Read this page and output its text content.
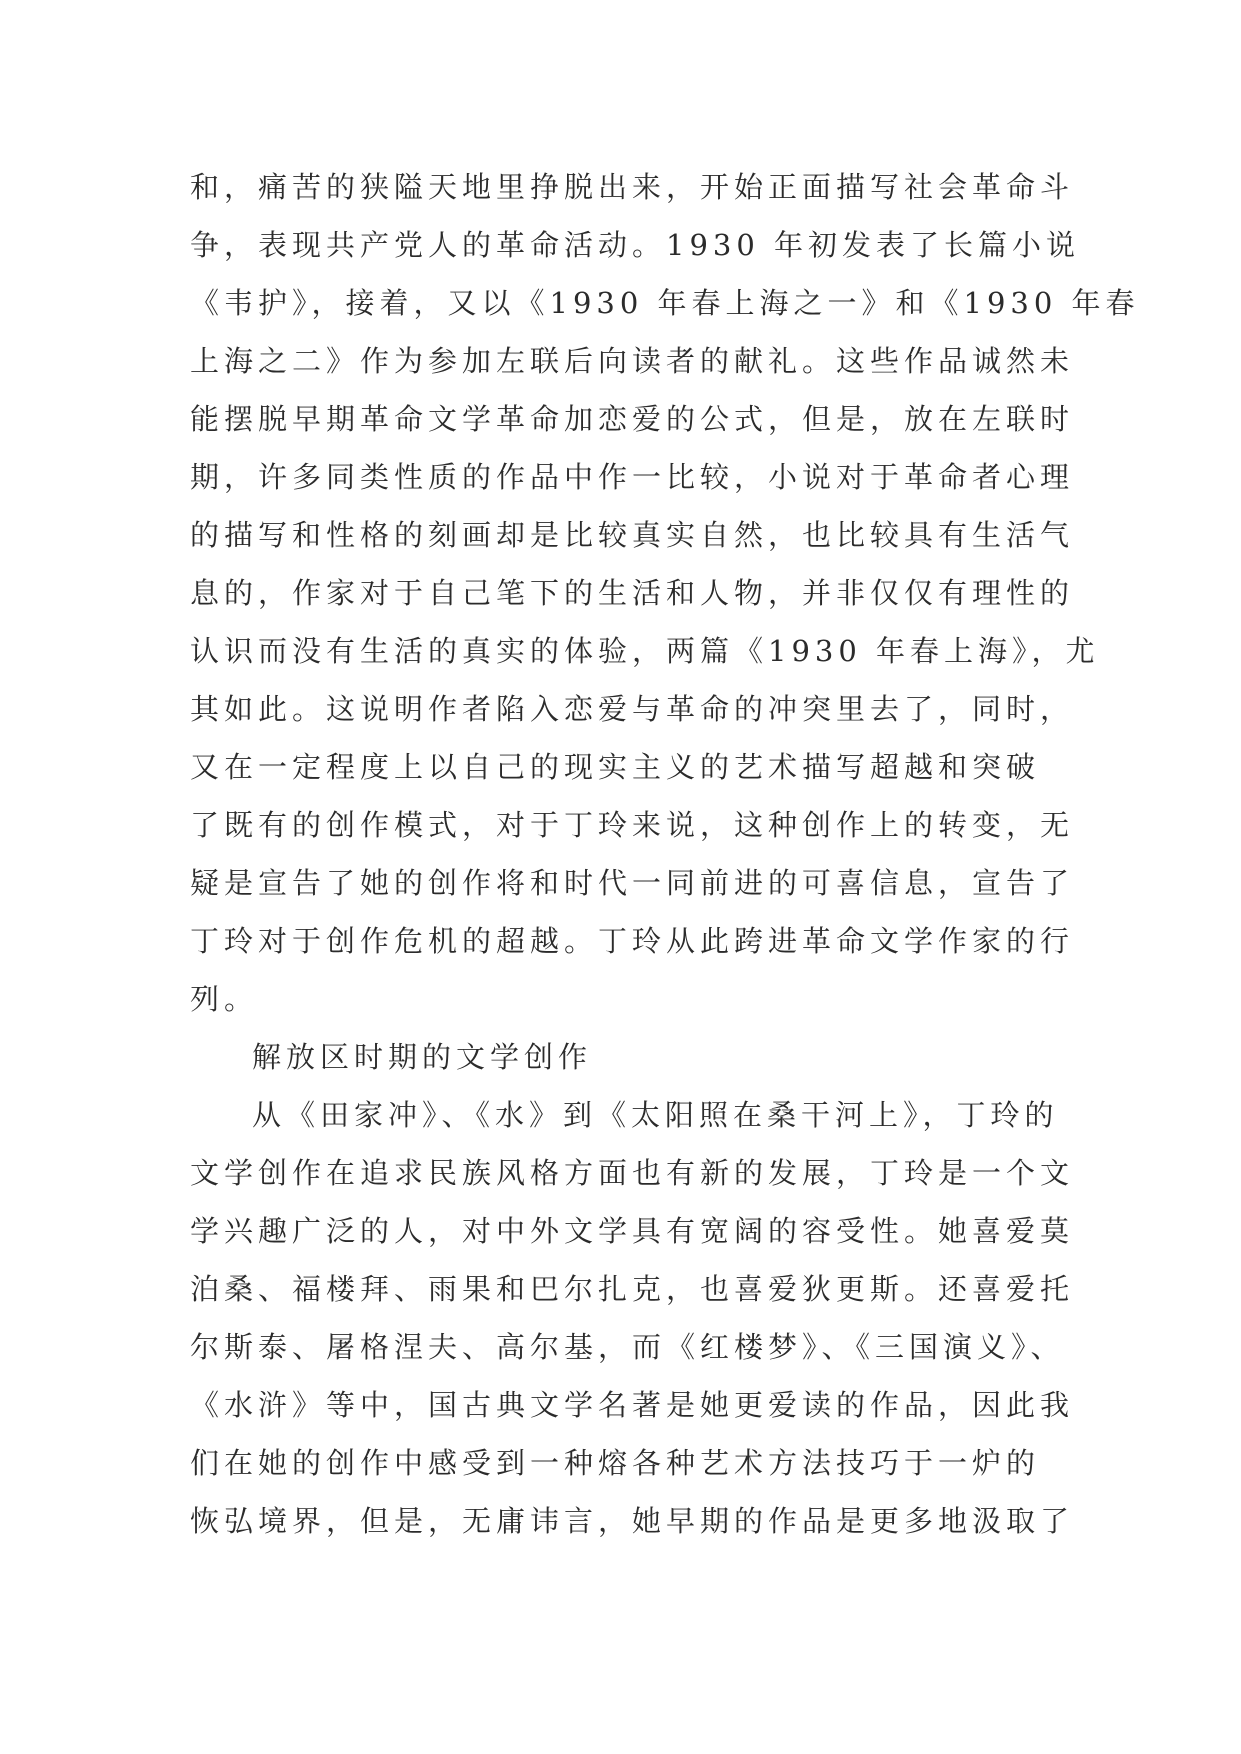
和，痛苦的狭隘天地里挣脱出来，开始正面描写社会革命斗
争，表现共产党人的革命活动。1930 年初发表了长篇小说
《韦护》，接着，又以《1930 年春上海之一》和《1930 年春
上海之二》作为参加左联后向读者的献礼。这些作品诚然未
能摆脱早期革命文学革命加恋爱的公式，但是，放在左联时
期，许多同类性质的作品中作一比较，小说对于革命者心理
的描写和性格的刻画却是比较真实自然，也比较具有生活气
息的，作家对于自己笔下的生活和人物，并非仅仅有理性的
认识而没有生活的真实的体验，两篇《1930 年春上海》，尤
其如此。这说明作者陷入恋爱与革命的冲突里去了，同时，
又在一定程度上以自己的现实主义的艺术描写超越和突破
了既有的创作模式，对于丁玲来说，这种创作上的转变，无
疑是宣告了她的创作将和时代一同前进的可喜信息，宣告了
丁玲对于创作危机的超越。丁玲从此跨进革命文学作家的行
列。
解放区时期的文学创作
从《田家冲》、《水》到《太阳照在桑干河上》，丁玲的
文学创作在追求民族风格方面也有新的发展，丁玲是一个文
学兴趣广泛的人，对中外文学具有宽阔的容受性。她喜爱莫
泊桑、福楼拜、雨果和巴尔扎克，也喜爱狄更斯。还喜爱托
尔斯泰、屠格涅夫、高尔基，而《红楼梦》、《三国演义》、
《水浒》等中，国古典文学名著是她更爱读的作品，因此我
们在她的创作中感受到一种熔各种艺术方法技巧于一炉的
恢弘境界，但是，无庸讳言，她早期的作品是更多地汲取了
